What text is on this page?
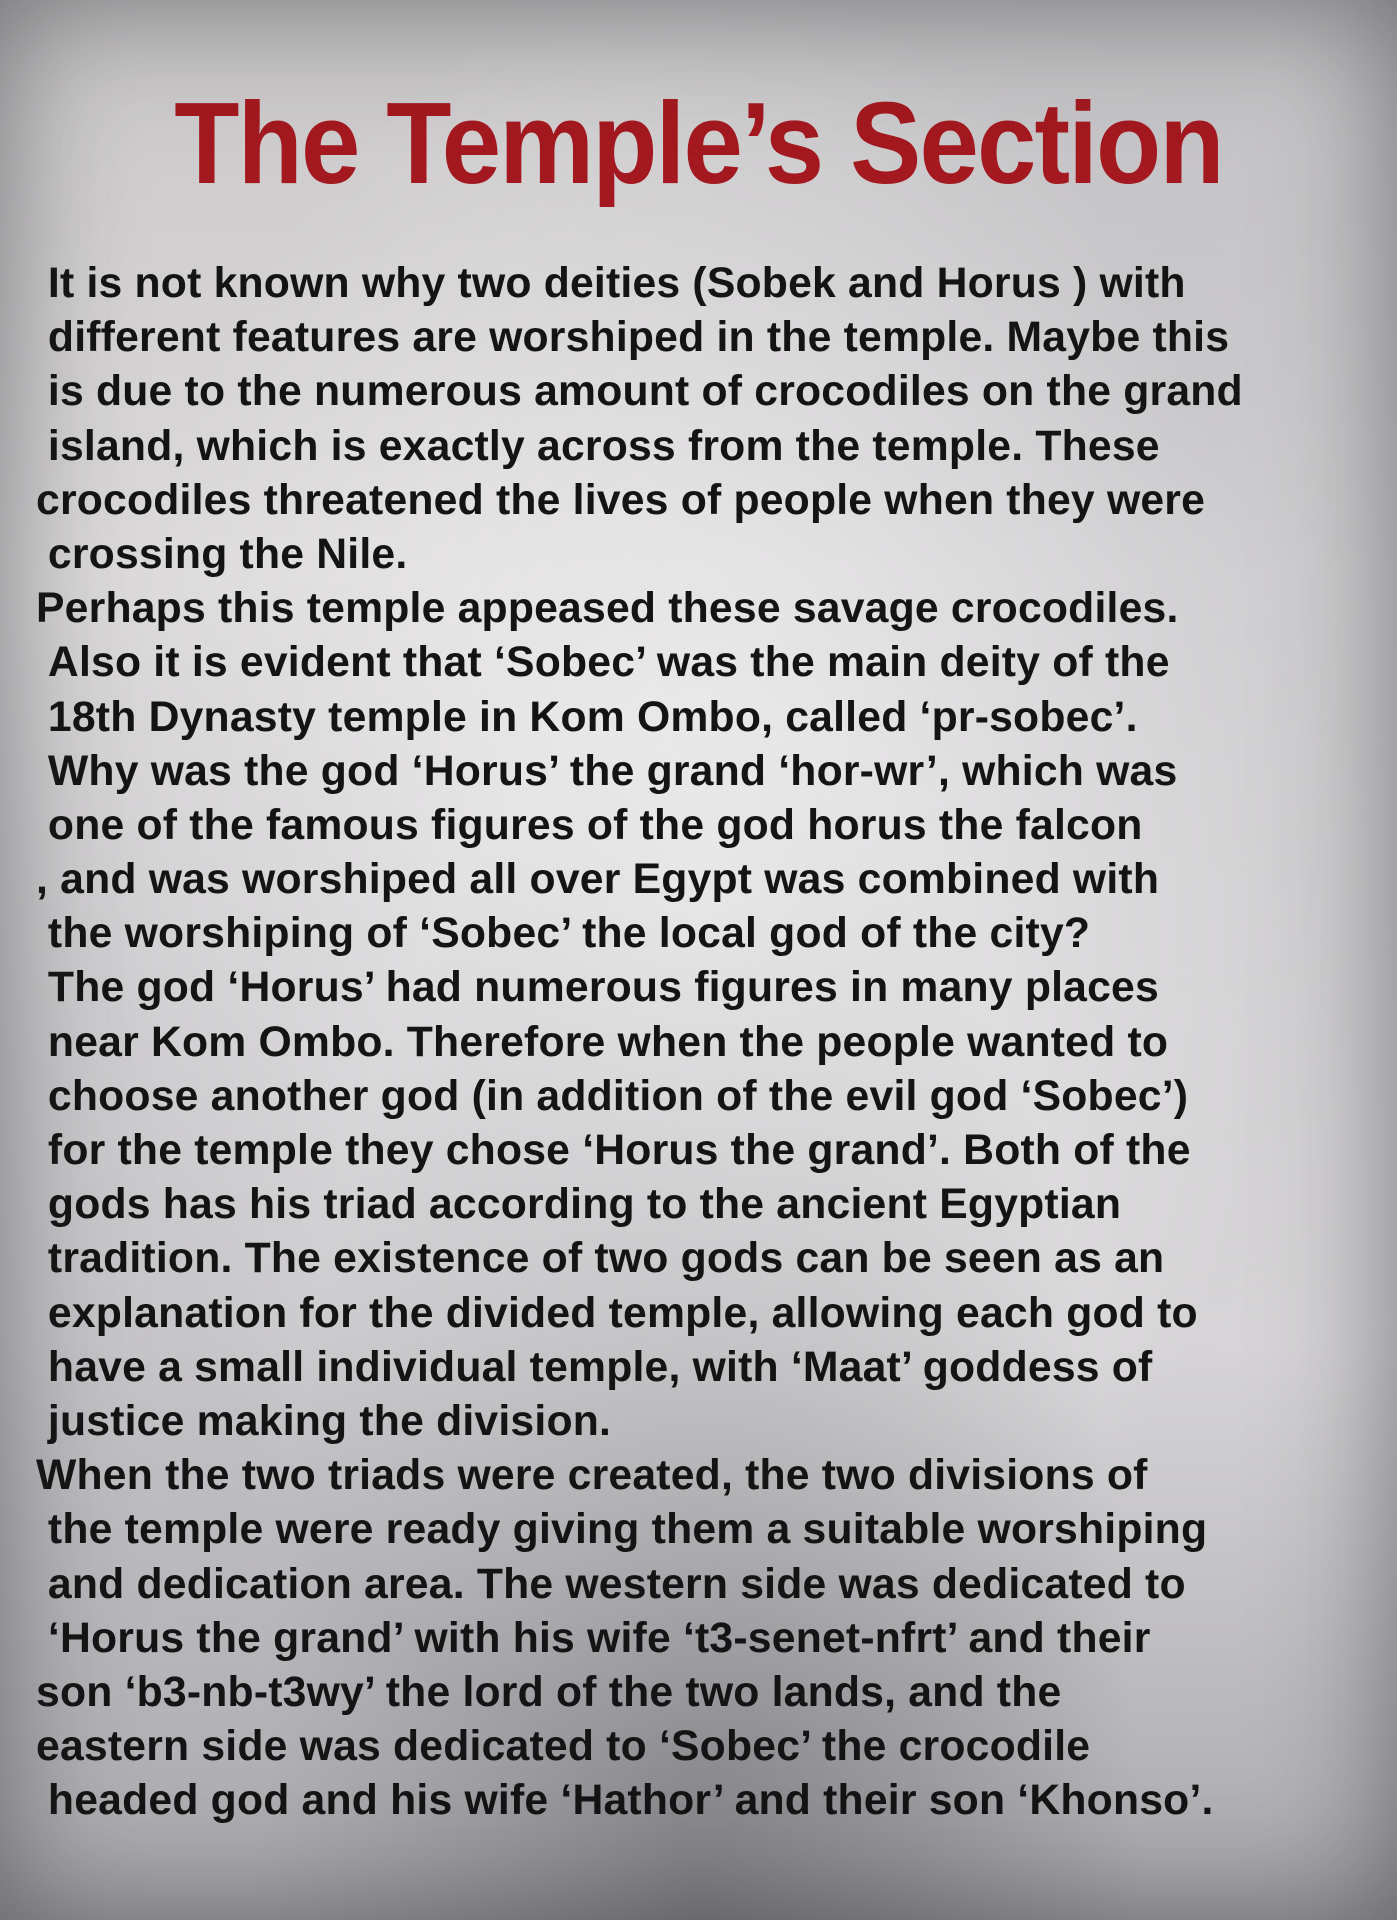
The Temple’s Section
It is not known why two deities (Sobek and Horus ) with
different features are worshiped in the temple. Maybe this
is due to the numerous amount of crocodiles on the grand
island, which is exactly across from the temple. These
crocodiles threatened the lives of people when they were
crossing the Nile.
Perhaps this temple appeased these savage crocodiles.
Also it is evident that ‘Sobec’ was the main deity of the
18th Dynasty temple in Kom Ombo, called ‘pr-sobec’.
Why was the god ‘Horus’ the grand ‘hor-wr’, which was
one of the famous figures of the god horus the falcon
, and was worshiped all over Egypt was combined with
the worshiping of ‘Sobec’ the local god of the city?
The god ‘Horus’ had numerous figures in many places
near Kom Ombo. Therefore when the people wanted to
choose another god (in addition of the evil god ‘Sobec’)
for the temple they chose ‘Horus the grand’. Both of the
gods has his triad according to the ancient Egyptian
tradition. The existence of two gods can be seen as an
explanation for the divided temple, allowing each god to
have a small individual temple, with ‘Maat’ goddess of
justice making the division.
When the two triads were created, the two divisions of
the temple were ready giving them a suitable worshiping
and dedication area. The western side was dedicated to
‘Horus the grand’ with his wife ‘t3-senet-nfrt’ and their
son ‘b3-nb-t3wy’ the lord of the two lands, and the
eastern side was dedicated to ‘Sobec’ the crocodile
headed god and his wife ‘Hathor’ and their son ‘Khonso’.
